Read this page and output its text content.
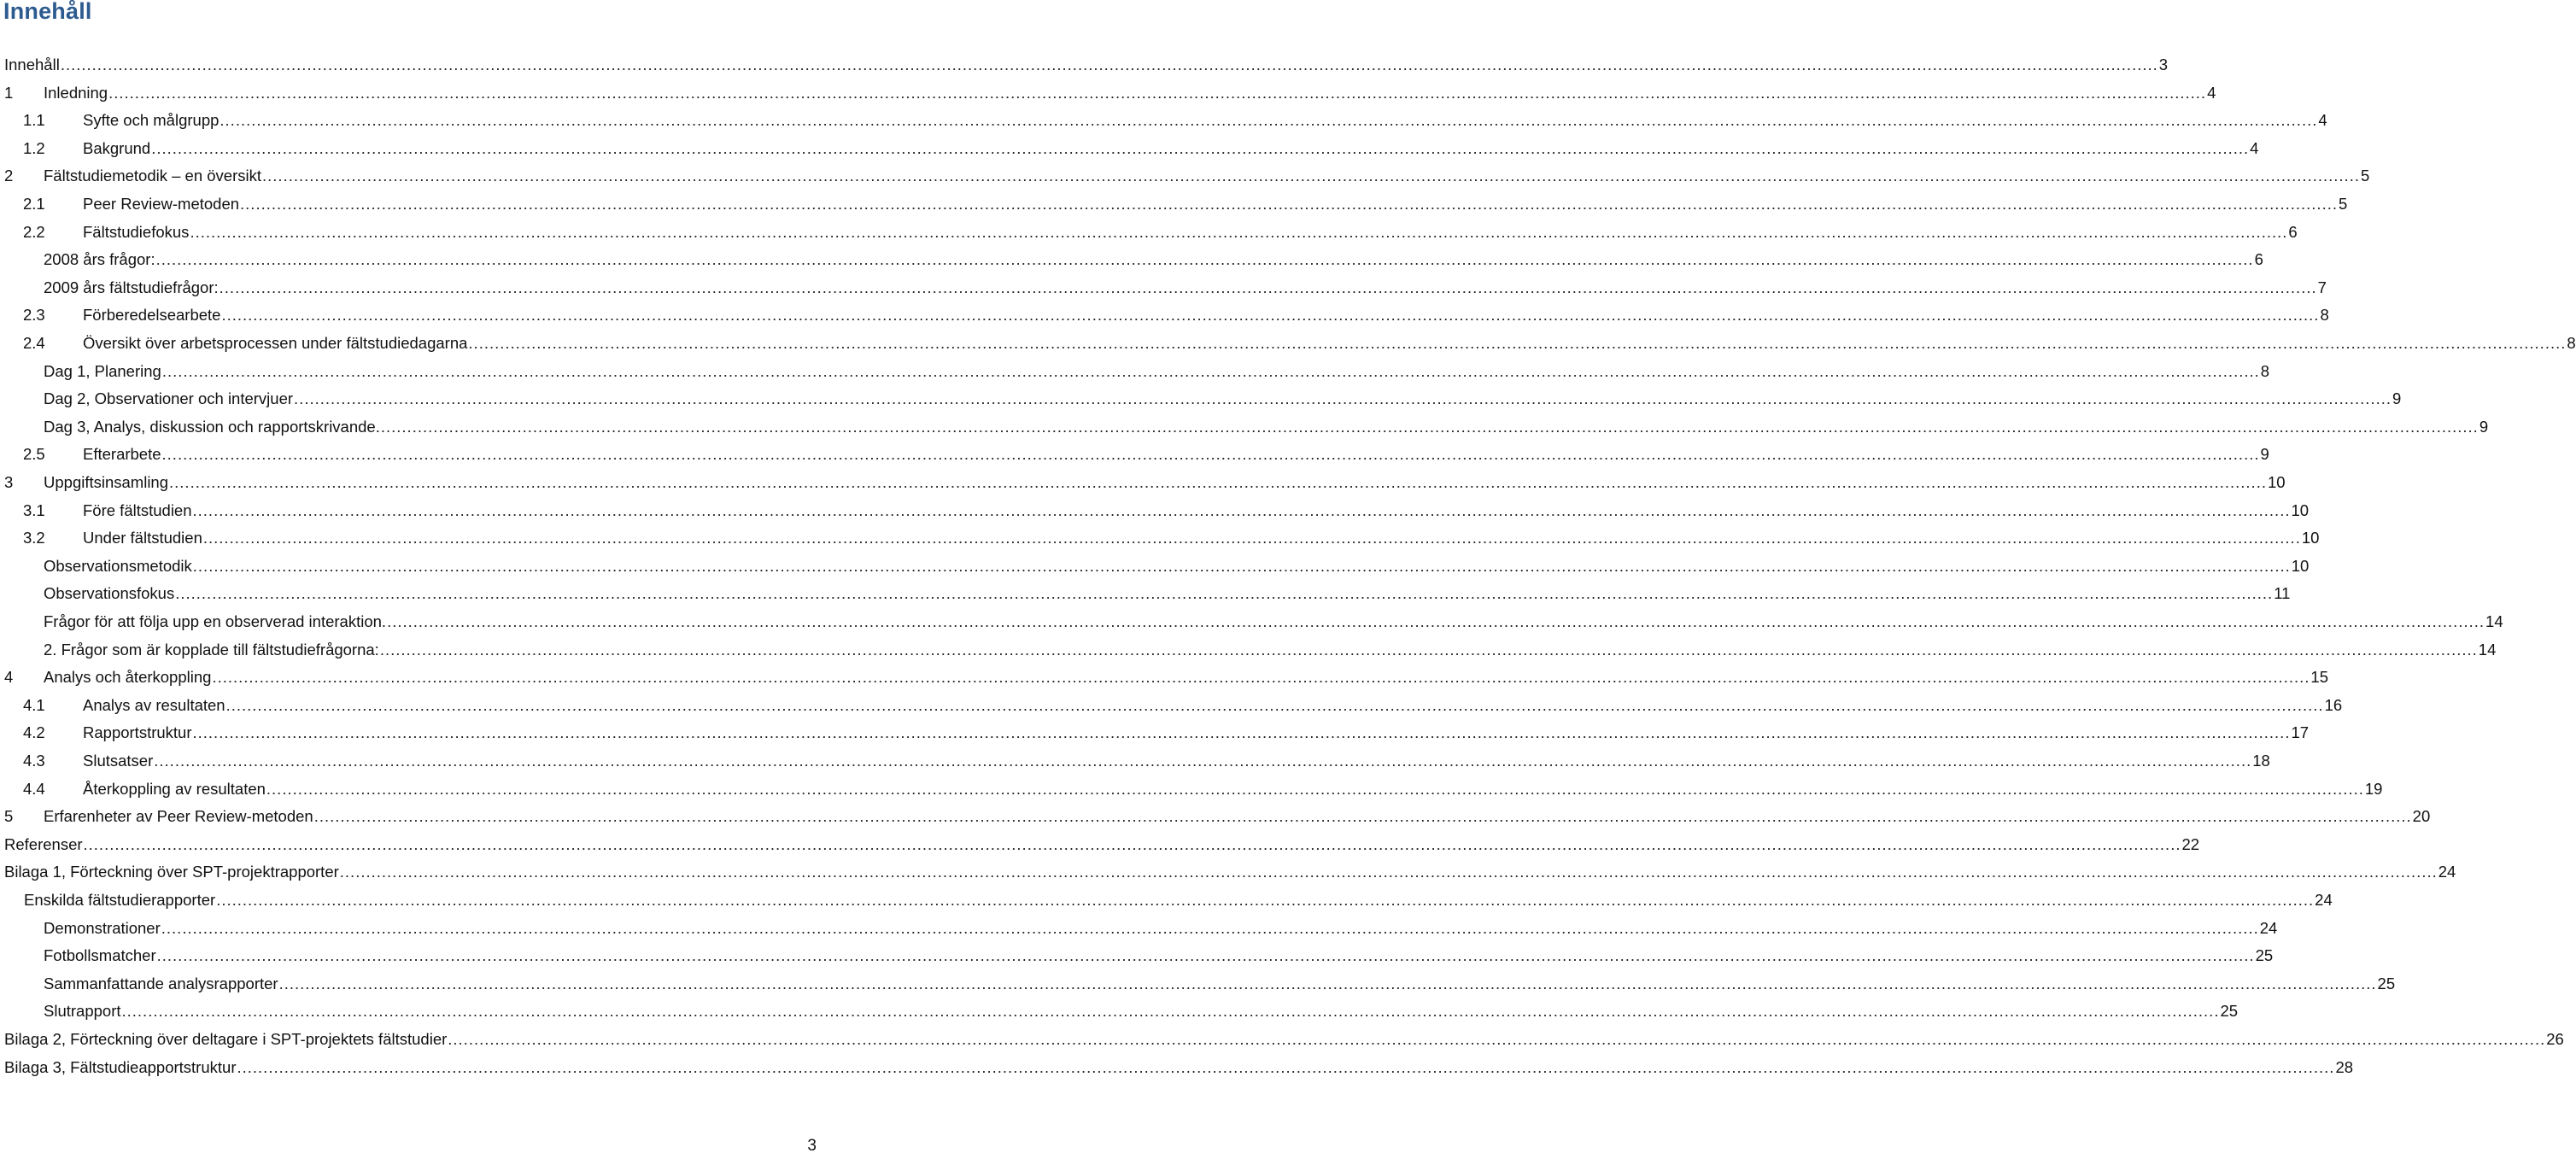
Innehåll
Innehåll ................................................................................................................................................................................................................................................................................................................................................................................................................ 3
1	Inledning ................................................................................................................................................................................................................................................................................................................................................................................................................ 4
1.1	Syfte och målgrupp ................................................................................................................................................................................................................................................................................................................................................................................................................ 4
1.2	Bakgrund ................................................................................................................................................................................................................................................................................................................................................................................................................ 4
2	Fältstudiemetodik – en översikt ................................................................................................................................................................................................................................................................................................................................................................................................................ 5
2.1	Peer Review-metoden ................................................................................................................................................................................................................................................................................................................................................................................................................ 5
2.2	Fältstudiefokus ................................................................................................................................................................................................................................................................................................................................................................................................................ 6
2008 års frågor: ................................................................................................................................................................................................................................................................................................................................................................................................................ 6
2009 års fältstudiefrågor: ................................................................................................................................................................................................................................................................................................................................................................................................................ 7
2.3	Förberedelsearbete ................................................................................................................................................................................................................................................................................................................................................................................................................ 8
2.4	Översikt över arbetsprocessen under fältstudiedagarna ................................................................................................................................................................................................................................................................................................................................................................................................................ 8
Dag 1, Planering ................................................................................................................................................................................................................................................................................................................................................................................................................ 8
Dag 2, Observationer och intervjuer ................................................................................................................................................................................................................................................................................................................................................................................................................ 9
Dag 3, Analys, diskussion och rapportskrivande. ................................................................................................................................................................................................................................................................................................................................................................................................................ 9
2.5	Efterarbete ................................................................................................................................................................................................................................................................................................................................................................................................................ 9
3	Uppgiftsinsamling ................................................................................................................................................................................................................................................................................................................................................................................................................ 10
3.1	Före fältstudien ................................................................................................................................................................................................................................................................................................................................................................................................................ 10
3.2	Under fältstudien ................................................................................................................................................................................................................................................................................................................................................................................................................ 10
Observationsmetodik ................................................................................................................................................................................................................................................................................................................................................................................................................ 10
Observationsfokus ................................................................................................................................................................................................................................................................................................................................................................................................................ 11
Frågor för att följa upp en observerad interaktion. ................................................................................................................................................................................................................................................................................................................................................................................................................ 14
2. Frågor som är kopplade till fältstudiefrågorna: ................................................................................................................................................................................................................................................................................................................................................................................................................ 14
4	Analys och återkoppling ................................................................................................................................................................................................................................................................................................................................................................................................................ 15
4.1	Analys av resultaten ................................................................................................................................................................................................................................................................................................................................................................................................................ 16
4.2	Rapportstruktur ................................................................................................................................................................................................................................................................................................................................................................................................................ 17
4.3	Slutsatser ................................................................................................................................................................................................................................................................................................................................................................................................................ 18
4.4	Återkoppling av resultaten ................................................................................................................................................................................................................................................................................................................................................................................................................ 19
5	Erfarenheter av Peer Review-metoden ................................................................................................................................................................................................................................................................................................................................................................................................................ 20
Referenser ................................................................................................................................................................................................................................................................................................................................................................................................................ 22
Bilaga 1, Förteckning över SPT-projektrapporter ................................................................................................................................................................................................................................................................................................................................................................................................................ 24
Enskilda fältstudierapporter ................................................................................................................................................................................................................................................................................................................................................................................................................ 24
Demonstrationer ................................................................................................................................................................................................................................................................................................................................................................................................................ 24
Fotbollsmatcher ................................................................................................................................................................................................................................................................................................................................................................................................................ 25
Sammanfattande analysrapporter ................................................................................................................................................................................................................................................................................................................................................................................................................ 25
Slutrapport ................................................................................................................................................................................................................................................................................................................................................................................................................ 25
Bilaga 2, Förteckning över deltagare i SPT-projektets fältstudier ................................................................................................................................................................................................................................................................................................................................................................................................................ 26
Bilaga 3, Fältstudieapportstruktur ................................................................................................................................................................................................................................................................................................................................................................................................................ 28
3
